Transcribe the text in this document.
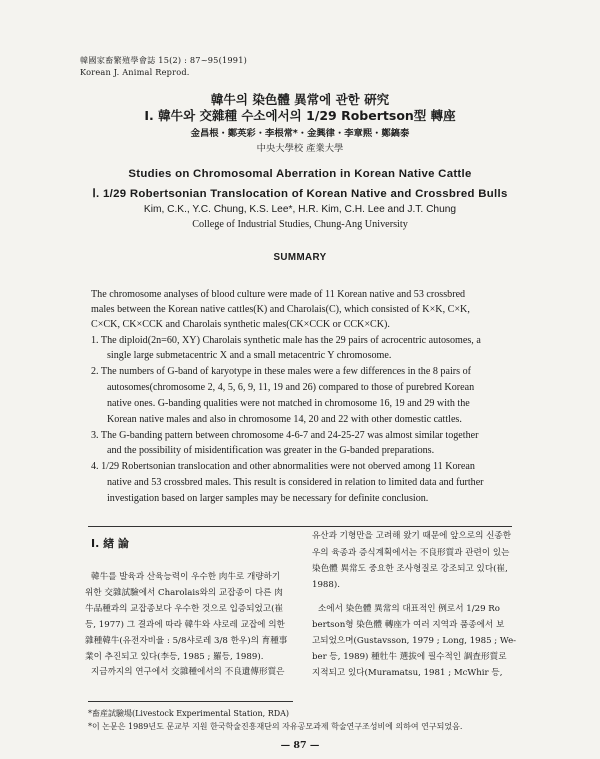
韓國家畜繁殖學會誌 15(2) : 87~95(1991)

Korean J. Animal Reprod.

韓牛의 染色體 異常에 관한 硏究
Ⅰ. 韓牛와 交雜種 수소에서의 1/29 Robertson型 轉座

金昌根・鄭英彩・李根常*・金興律・李章熙・鄭鎬泰

中央大學校 產業大學

Studies on Chromosomal Aberration in Korean Native Cattle
Ⅰ. 1/29 Robertsonian Translocation of Korean Native and Crossbred Bulls

Kim, C.K., Y.C. Chung, K.S. Lee*, H.R. Kim, C.H. Lee and J.T. Chung

College of Industrial Studies, Chung-Ang University

SUMMARY

The chromosome analyses of blood culture were made of 11 Korean native and 53 crossbred

males between the Korean native cattles(K) and Charolais(C), which consisted of K×K, C×K,

C×CK, CK×CCK and Charolais synthetic males(CK×CCK or CCK×CK).

1. The diploid(2n=60, XY) Charolais synthetic male has the 29 pairs of acrocentric autosomes, a

single large submetacentric X and a small metacentric Y chromosome.

2. The numbers of G-band of karyotype in these males were a few differences in the 8 pairs of

autosomes(chromosome 2, 4, 5, 6, 9, 11, 19 and 26) compared to those of purebred Korean

native ones. G-banding qualities were not matched in chromosome 16, 19 and 29 with the

Korean native males and also in chromosome 14, 20 and 22 with other domestic cattles.

3. The G-banding pattern between chromosome 4-6-7 and 24-25-27 was almost similar together

and the possibility of misidentification was greater in the G-banded preparations.

4. 1/29 Robertsonian translocation and other abnormalities were not oberved among 11 Korean

native and 53 crossbred males. This result is considered in relation to limited data and further

investigation based on larger samples may be necessary for definite conclusion.

Ⅰ. 緖 論

韓牛를 발육과 산육능력이 우수한 肉牛로 개량하기

위한 交雜試驗에서 Charolais와의 교잡종이 다른 肉

牛品種과의 교잡종보다 우수한 것으로 입증되었고(崔

등, 1977) 그 결과에 따라 韓牛와 샤로레 교잡에 의한

雜種韓牛(유전자비율 : 5/8샤로레 3/8 한우)의 育種事

業이 추진되고 있다(李등, 1985 ; 羅등, 1989).

지금까지의 연구에서 交雜種에서의 不良遺傳形質은

유산과 기형만을 고려해 왔기 때문에 앞으로의 신종한

우의 육종과 증식계획에서는 不良形質과 관련이 있는

染色體 異常도 중요한 조사형질로 강조되고 있다(崔,

1988).

소에서 染色體 異常의 대표적인 例로서 1/29 Ro

bertson형 染色體 轉座가 여러 지역과 품종에서 보

고되었으며(Gustavsson, 1979 ; Long, 1985 ; We-

ber 등, 1989) 種牡牛 選拔에 필수적인 調査形質로

지적되고 있다(Muramatsu, 1981 ; McWhir 등,

*畜産試驗場(Livestock Experimental Station, RDA)

*이 논문은 1989년도 문교부 지원 한국학술진흥재단의 자유공모과제 학술연구조성비에 의하여 연구되었음.

— 87 —
